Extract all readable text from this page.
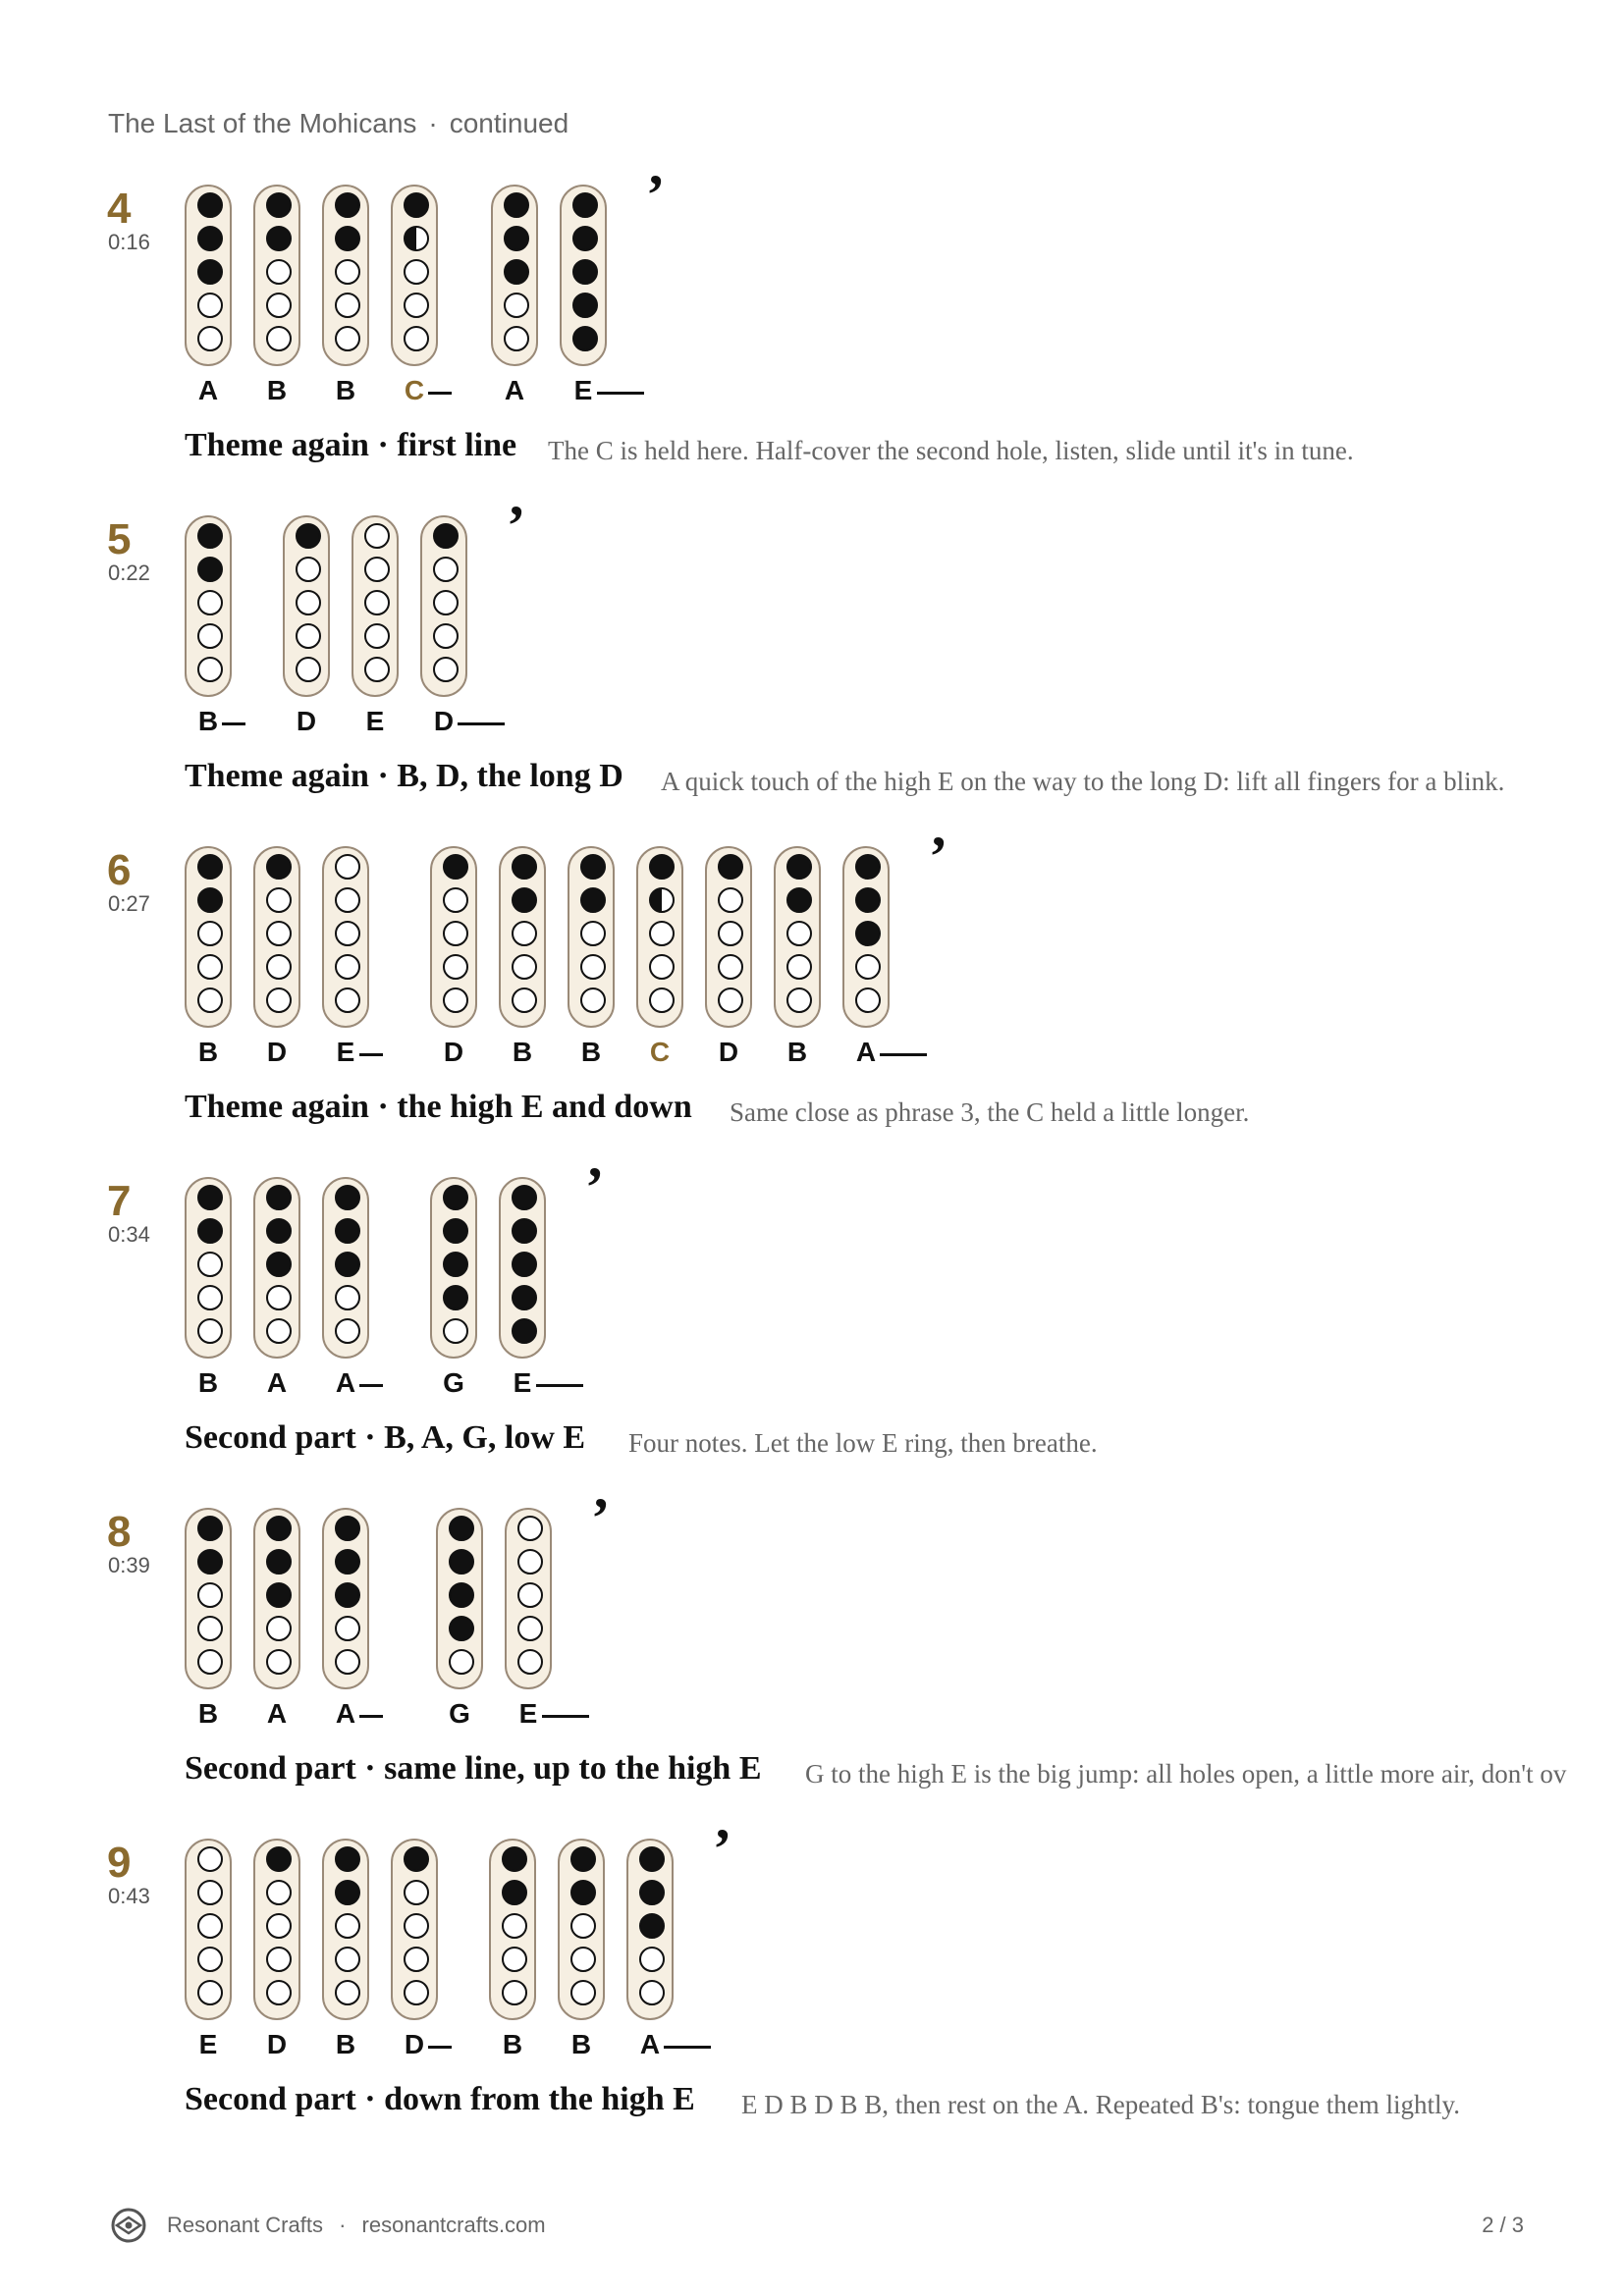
The Last of the Mohicans · continued
4
0:16
A	B	B	C	A	E
’
Theme again · first line The C is held here. Half-cover the second hole, listen, slide until it's in tune.
5
0:22
B	D	E	D
’
Theme again · B, D, the long D A quick touch of the high E on the way to the long D: lift all fingers for a blink.
6
0:27
B	D	E	D	B	B	C	D	B	A
’
Theme again · the high E and down Same close as phrase 3, the C held a little longer.
7
0:34
B	A	A	G	E
’
Second part · B, A, G, low E Four notes. Let the low E ring, then breathe.
8
0:39
B	A	A	G	E
’
Second part · same line, up to the high E G to the high E is the big jump: all holes open, a little more air, don't ov
9
0:43
E	D	B	D	B	B	A
’
Second part · down from the high E E D B D B B, then rest on the A. Repeated B's: tongue them lightly.
Resonant Crafts · resonantcrafts.com	2 / 3
